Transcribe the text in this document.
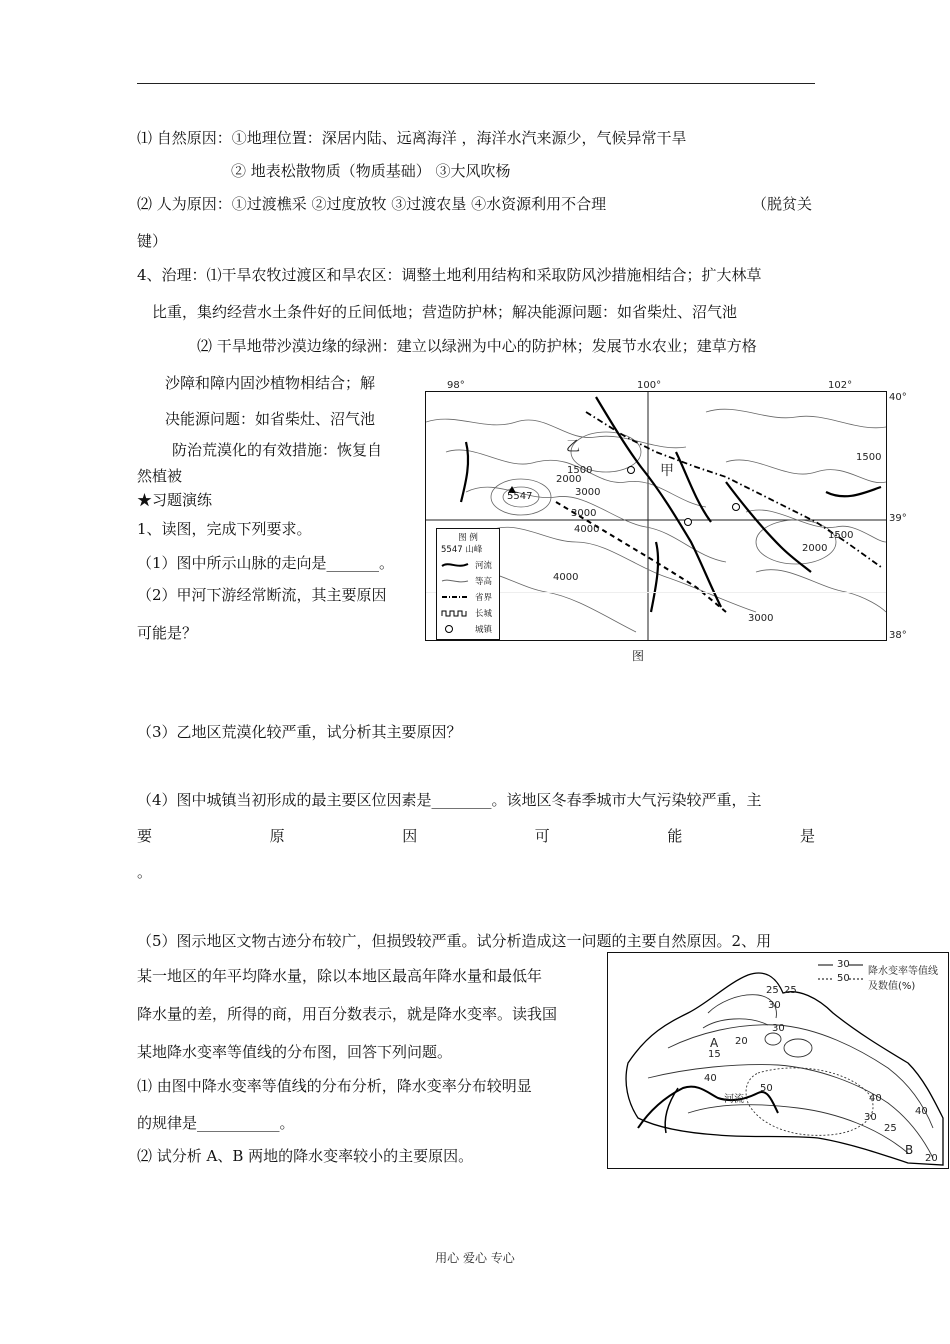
⑴ 自然原因：①地理位置：深居内陆、远离海洋 ，海洋水汽来源少，气候异常干旱
② 地表松散物质（物质基础） ③大风吹杨
⑵ 人为原因：①过渡樵采 ②过度放牧 ③过渡农垦 ④水资源利用不合理	（脱贫关
键）
4、治理：⑴干旱农牧过渡区和旱农区：调整土地利用结构和采取防风沙措施相结合；扩大林草
比重，集约经营水土条件好的丘间低地；营造防护林；解决能源问题：如省柴灶、沼气池
⑵ 干旱地带沙漠边缘的绿洲：建立以绿洲为中心的防护林；发展节水农业；建草方格
沙障和障内固沙植物相结合；解
决能源问题：如省柴灶、沼气池
防治荒漠化的有效措施：恢复自
然植被
★习题演练
1、读图，完成下列要求。
（1）图中所示山脉的走向是_______。
（2）甲河下游经常断流，其主要原因
可能是？
98°	100°	102°
40°
39°
38°
乙
甲
1500
2000
3000
4000
5547
1500
2000
3000
4000
3000
1500
图 例
5547 山峰
河流
等高
省界
长城
城镇
图
（3）乙地区荒漠化较严重，试分析其主要原因？
（4）图中城镇当初形成的最主要区位因素是________。该地区冬春季城市大气污染较严重，主
要	原	因	可	能	是
。
（5）图示地区文物古迹分布较广，但损毁较严重。试分析造成这一问题的主要自然原因。2、用
某一地区的年平均降水量，除以本地区最高年降水量和最低年
降水量的差，所得的商，用百分数表示，就是降水变率。读我国
某地降水变率等值线的分布图，回答下列问题。
⑴ 由图中降水变率等值线的分布分析，降水变率分布较明显
的规律是___________。
⑵ 试分析 A、B 两地的降水变率较小的主要原因。
30
50
降水变率等值线
及数值(%)
A
B
河流
25 25
30
30
20
15
40
50
40
30
25
40
20
用心 爱心 专心
